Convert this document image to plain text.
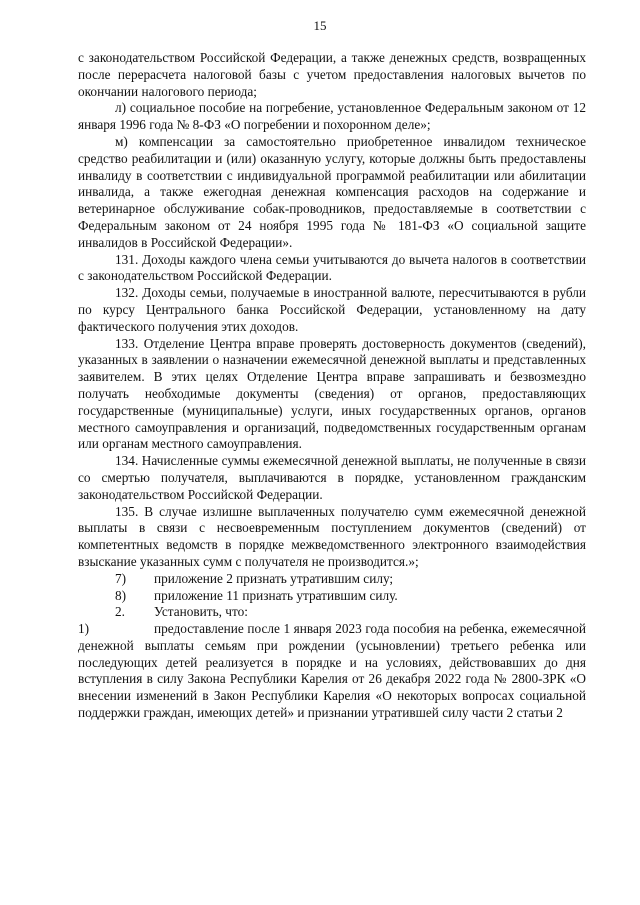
15

с законодательством Российской Федерации, а также денежных средств, возвращенных после перерасчета налоговой базы с учетом предоставления налоговых вычетов по окончании налогового периода;

л) социальное пособие на погребение, установленное Федеральным законом от 12 января 1996 года № 8-ФЗ «О погребении и похоронном деле»;

м) компенсации за самостоятельно приобретенное инвалидом техническое средство реабилитации и (или) оказанную услугу, которые должны быть предоставлены инвалиду в соответствии с индивидуальной программой реабилитации или абилитации инвалида, а также ежегодная денежная компенсация расходов на содержание и ветеринарное обслуживание собак-проводников, предоставляемые в соответствии с Федеральным законом от 24 ноября 1995 года № 181-ФЗ «О социальной защите инвалидов в Российской Федерации».

131. Доходы каждого члена семьи учитываются до вычета налогов в соответствии с законодательством Российской Федерации.

132. Доходы семьи, получаемые в иностранной валюте, пересчитываются в рубли по курсу Центрального банка Российской Федерации, установленному на дату фактического получения этих доходов.

133. Отделение Центра вправе проверять достоверность документов (сведений), указанных в заявлении о назначении ежемесячной денежной выплаты и представленных заявителем. В этих целях Отделение Центра вправе запрашивать и безвозмездно получать необходимые документы (сведения) от органов, предоставляющих государственные (муниципальные) услуги, иных государственных органов, органов местного самоуправления и организаций, подведомственных государственным органам или органам местного самоуправления.

134. Начисленные суммы ежемесячной денежной выплаты, не полученные в связи со смертью получателя, выплачиваются в порядке, установленном гражданским законодательством Российской Федерации.

135. В случае излишне выплаченных получателю сумм ежемесячной денежной выплаты в связи с несвоевременным поступлением документов (сведений) от компетентных ведомств в порядке межведомственного электронного взаимодействия взыскание указанных сумм с получателя не производится.»;

7)	приложение 2 признать утратившим силу;
8)	приложение 11 признать утратившим силу.
2.	Установить, что:

1)	предоставление после 1 января 2023 года пособия на ребенка, ежемесячной денежной выплаты семьям при рождении (усыновлении) третьего ребенка или последующих детей реализуется в порядке и на условиях, действовавших до дня вступления в силу Закона Республики Карелия от 26 декабря 2022 года № 2800-ЗРК «О внесении изменений в Закон Республики Карелия «О некоторых вопросах социальной поддержки граждан, имеющих детей» и признании утратившей силу части 2 статьи 2
